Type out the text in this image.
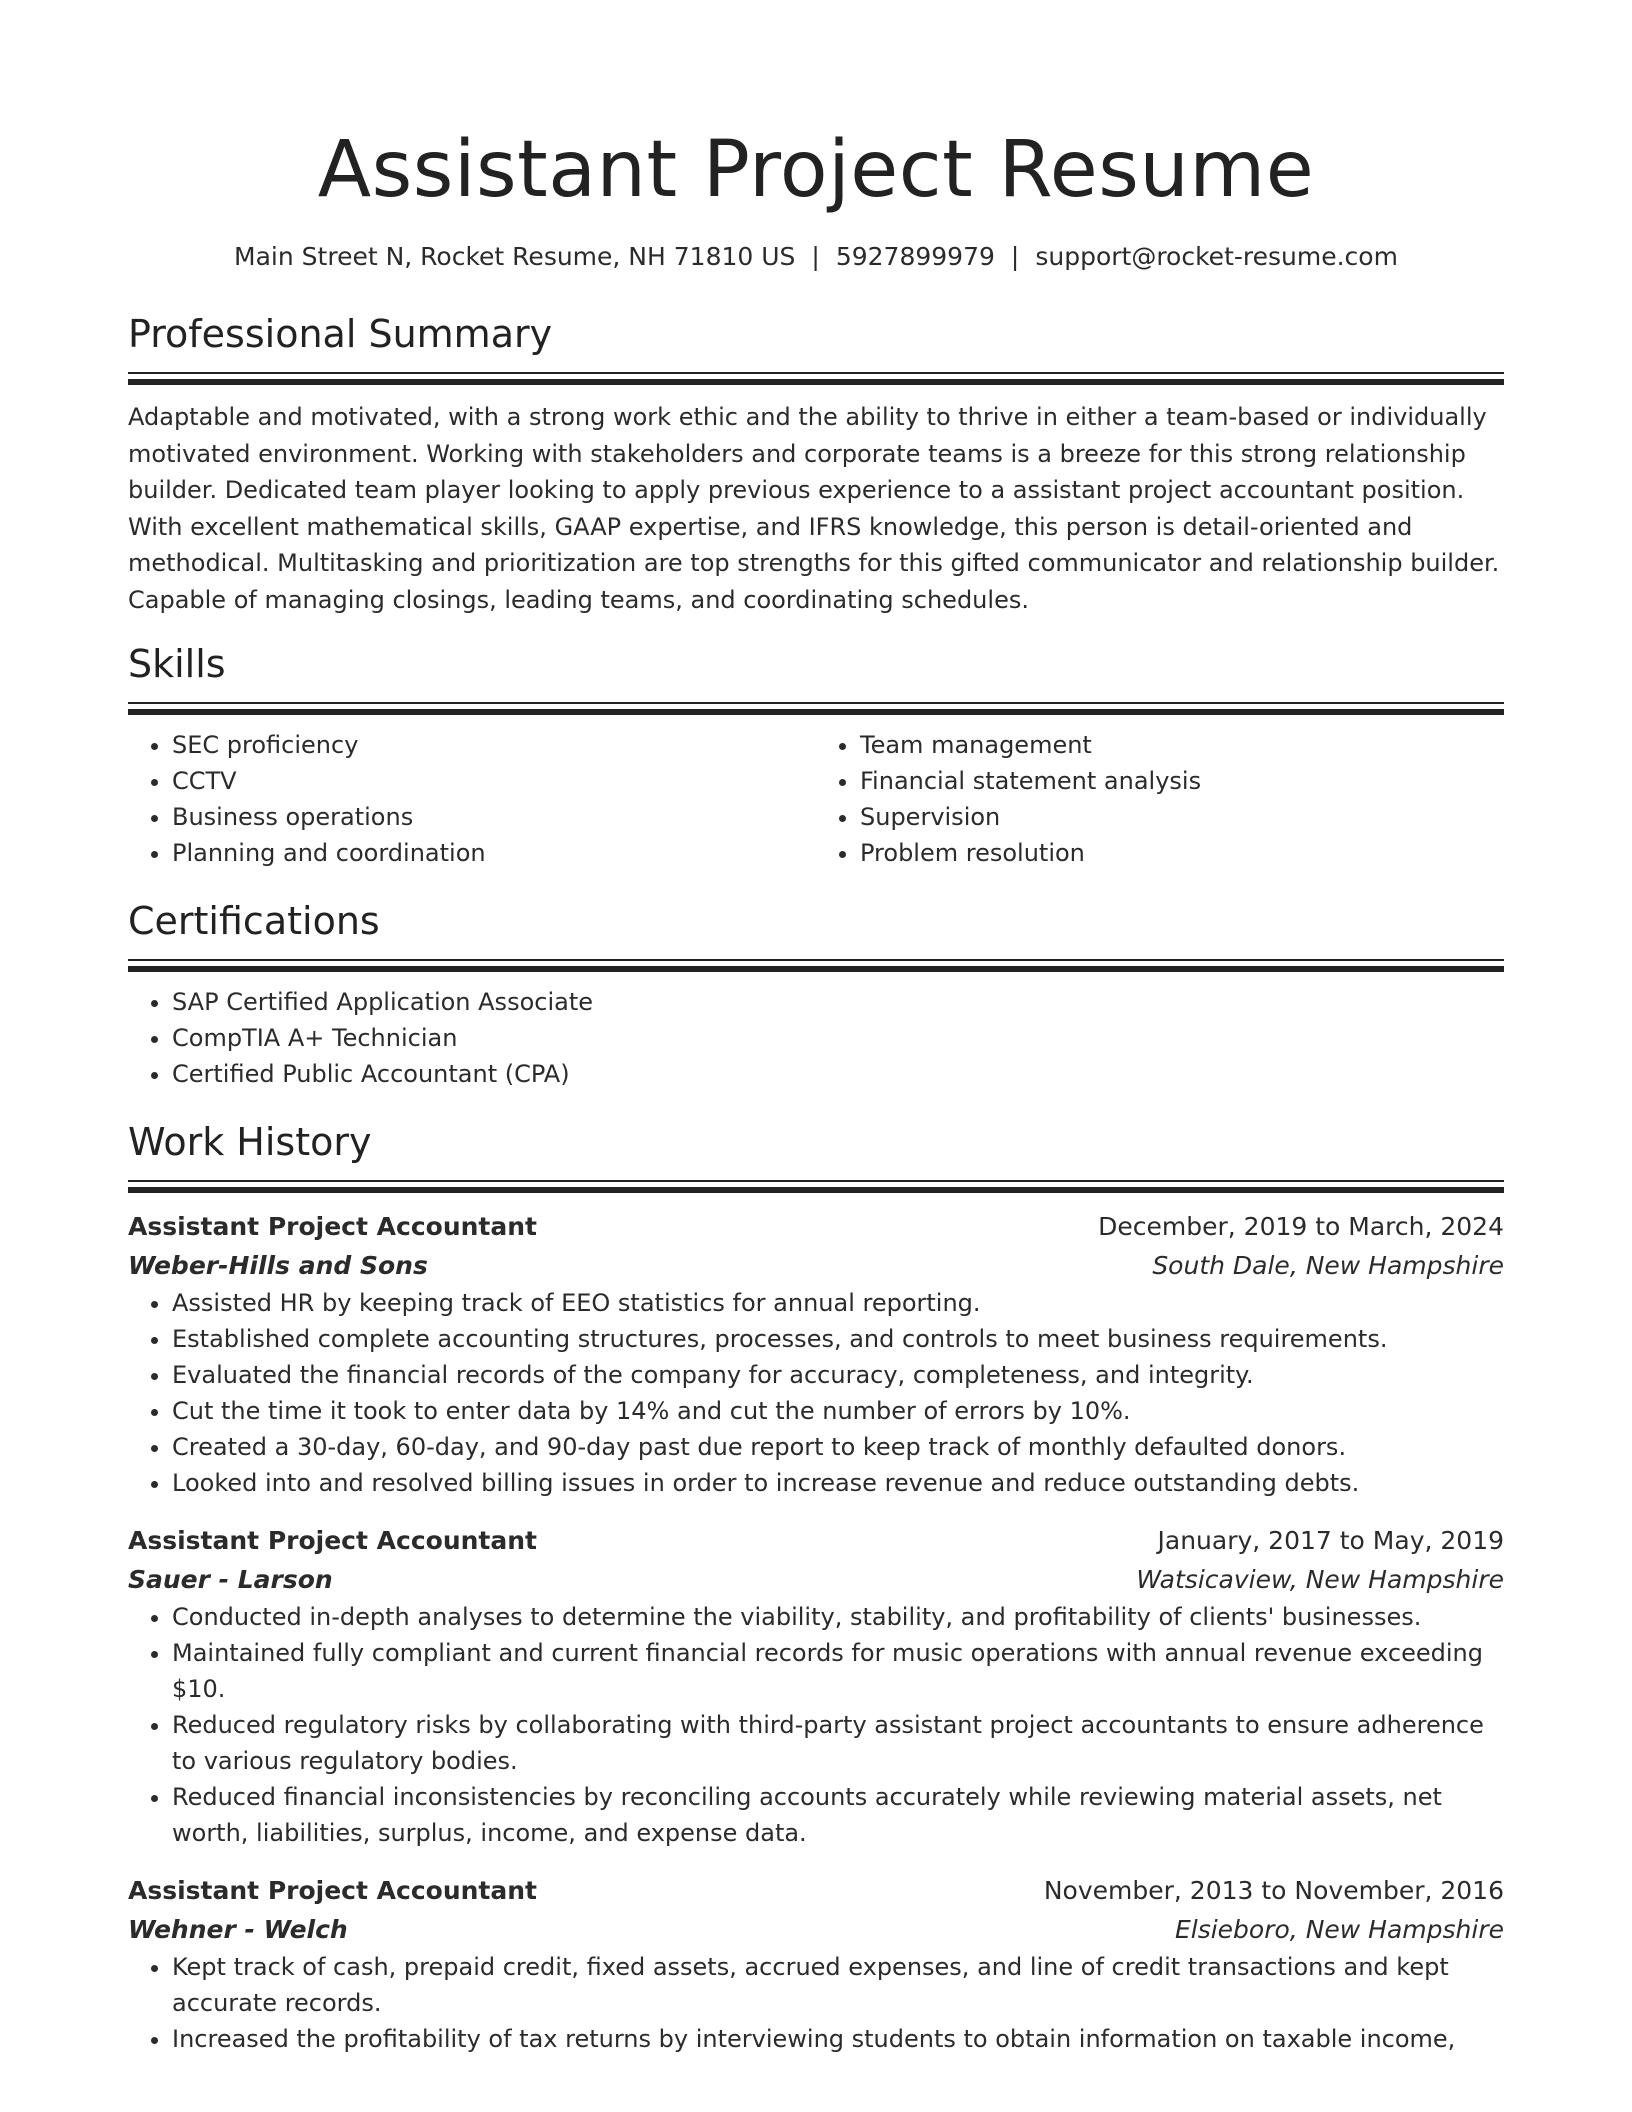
Assistant Project Resume
Main Street N, Rocket Resume, NH 71810 US | 5927899979 | support@rocket-resume.com
Professional Summary

Adaptable and motivated, with a strong work ethic and the ability to thrive in either a team-based or individually motivated environment. Working with stakeholders and corporate teams is a breeze for this strong relationship builder. Dedicated team player looking to apply previous experience to a assistant project accountant position. With excellent mathematical skills, GAAP expertise, and IFRS knowledge, this person is detail-oriented and methodical. Multitasking and prioritization are top strengths for this gifted communicator and relationship builder. Capable of managing closings, leading teams, and coordinating schedules.

Skills
• SEC proficiency
• CCTV
• Business operations
• Planning and coordination
• Team management
• Financial statement analysis
• Supervision
• Problem resolution
Certifications
• SAP Certified Application Associate
• CompTIA A+ Technician
• Certified Public Accountant (CPA)
Work History
Assistant Project Accountant	December, 2019 to March, 2024
Weber-Hills and Sons	South Dale, New Hampshire
• Assisted HR by keeping track of EEO statistics for annual reporting.
• Established complete accounting structures, processes, and controls to meet business requirements.
• Evaluated the financial records of the company for accuracy, completeness, and integrity.
• Cut the time it took to enter data by 14% and cut the number of errors by 10%.
• Created a 30-day, 60-day, and 90-day past due report to keep track of monthly defaulted donors.
• Looked into and resolved billing issues in order to increase revenue and reduce outstanding debts.
Assistant Project Accountant	January, 2017 to May, 2019
Sauer - Larson	Watsicaview, New Hampshire
• Conducted in-depth analyses to determine the viability, stability, and profitability of clients' businesses.
• Maintained fully compliant and current financial records for music operations with annual revenue exceeding $10.
• Reduced regulatory risks by collaborating with third-party assistant project accountants to ensure adherence to various regulatory bodies.
• Reduced financial inconsistencies by reconciling accounts accurately while reviewing material assets, net worth, liabilities, surplus, income, and expense data.
Assistant Project Accountant	November, 2013 to November, 2016
Wehner - Welch	Elsieboro, New Hampshire
• Kept track of cash, prepaid credit, fixed assets, accrued expenses, and line of credit transactions and kept accurate records.
• Increased the profitability of tax returns by interviewing students to obtain information on taxable income,
